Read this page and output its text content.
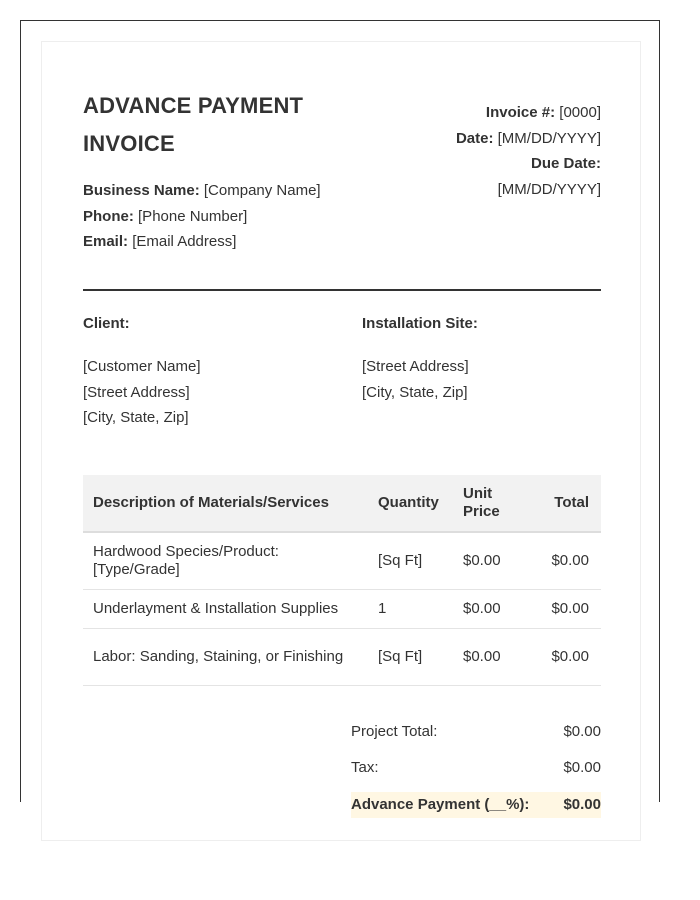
ADVANCE PAYMENT INVOICE
Invoice #: [0000]
Date: [MM/DD/YYYY]
Due Date:
[MM/DD/YYYY]
Business Name: [Company Name]
Phone: [Phone Number]
Email: [Email Address]
Client:
[Customer Name]
[Street Address]
[City, State, Zip]
Installation Site:
[Street Address]
[City, State, Zip]
Description of Materials/Services	Quantity	Unit Price	Total
Hardwood Species/Product: [Type/Grade]	[Sq Ft]	$0.00	$0.00
Underlayment & Installation Supplies	1	$0.00	$0.00
Labor: Sanding, Staining, or Finishing	[Sq Ft]	$0.00	$0.00
Project Total:	$0.00
Tax:	$0.00
Advance Payment (__%): $0.00
